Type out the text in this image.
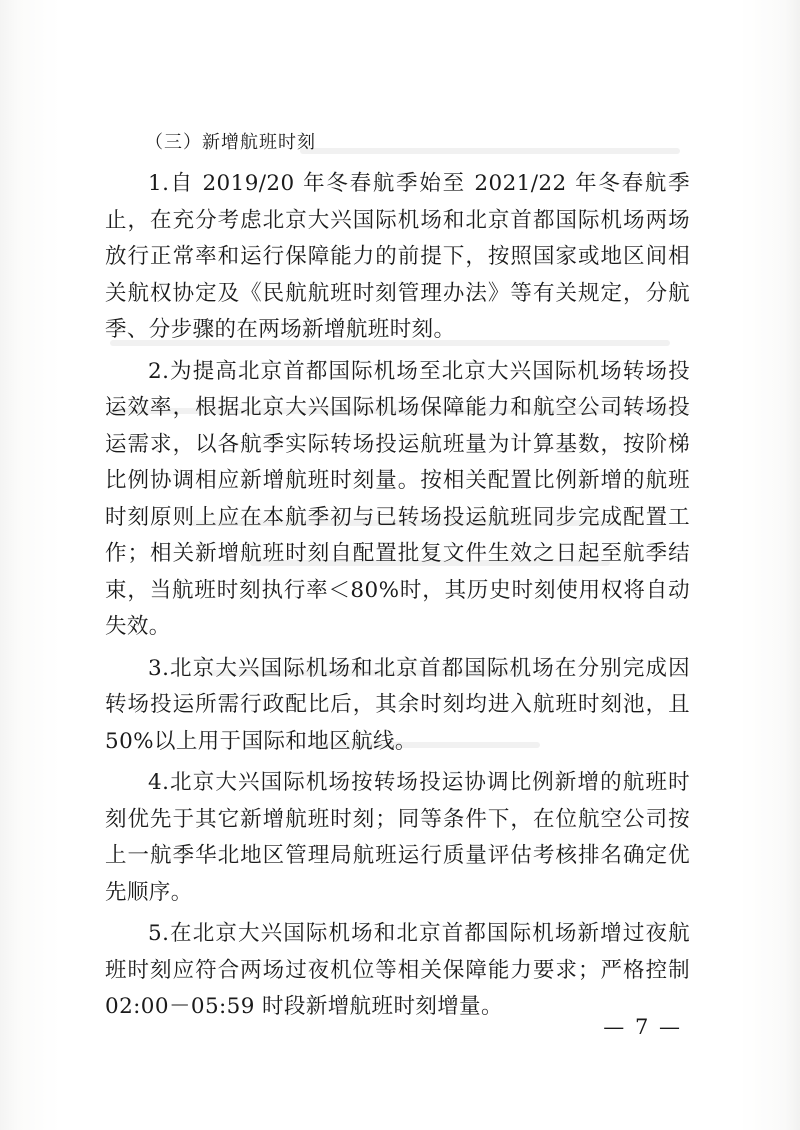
（三）新增航班时刻

1.自 2019/20 年冬春航季始至 2021/22 年冬春航季止，在充分考虑北京大兴国际机场和北京首都国际机场两场放行正常率和运行保障能力的前提下，按照国家或地区间相关航权协定及《民航航班时刻管理办法》等有关规定，分航季、分步骤的在两场新增航班时刻。

2.为提高北京首都国际机场至北京大兴国际机场转场投运效率，根据北京大兴国际机场保障能力和航空公司转场投运需求，以各航季实际转场投运航班量为计算基数，按阶梯比例协调相应新增航班时刻量。按相关配置比例新增的航班时刻原则上应在本航季初与已转场投运航班同步完成配置工作；相关新增航班时刻自配置批复文件生效之日起至航季结束，当航班时刻执行率＜80%时，其历史时刻使用权将自动失效。

3.北京大兴国际机场和北京首都国际机场在分别完成因转场投运所需行政配比后，其余时刻均进入航班时刻池，且 50%以上用于国际和地区航线。

4.北京大兴国际机场按转场投运协调比例新增的航班时刻优先于其它新增航班时刻；同等条件下，在位航空公司按上一航季华北地区管理局航班运行质量评估考核排名确定优先顺序。

5.在北京大兴国际机场和北京首都国际机场新增过夜航班时刻应符合两场过夜机位等相关保障能力要求；严格控制 02:00－05:59 时段新增航班时刻增量。

— 7 —
